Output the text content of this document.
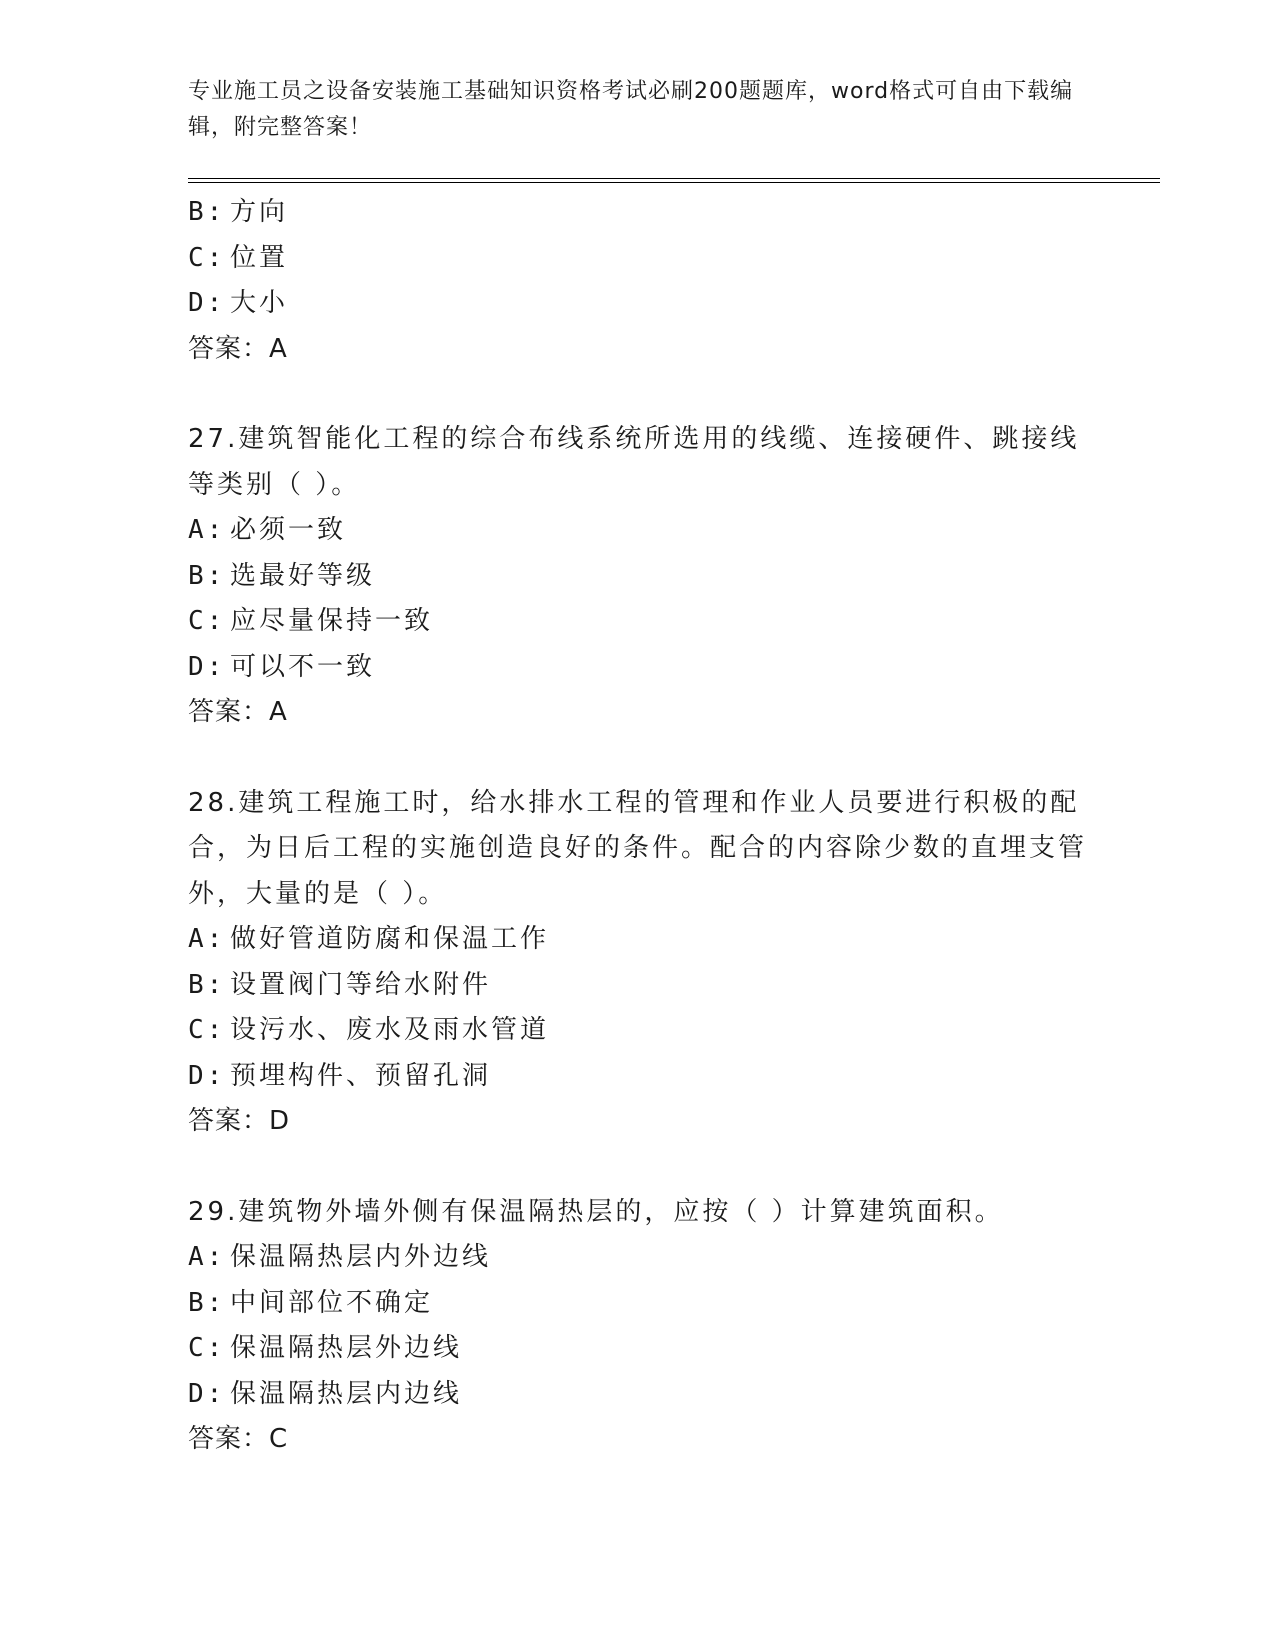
专业施工员之设备安装施工基础知识资格考试必刷200题题库，word格式可自由下载编辑，附完整答案！
B: 方向
C: 位置
D: 大小
答案：A
27.建筑智能化工程的综合布线系统所选用的线缆、连接硬件、跳接线等类别（ ）。
A: 必须一致
B: 选最好等级
C: 应尽量保持一致
D: 可以不一致
答案：A
28.建筑工程施工时，给水排水工程的管理和作业人员要进行积极的配合，为日后工程的实施创造良好的条件。配合的内容除少数的直埋支管外，大量的是（ ）。
A: 做好管道防腐和保温工作
B: 设置阀门等给水附件
C: 设污水、废水及雨水管道
D: 预埋构件、预留孔洞
答案：D
29.建筑物外墙外侧有保温隔热层的，应按（ ）计算建筑面积。
A: 保温隔热层内外边线
B: 中间部位不确定
C: 保温隔热层外边线
D: 保温隔热层内边线
答案：C
